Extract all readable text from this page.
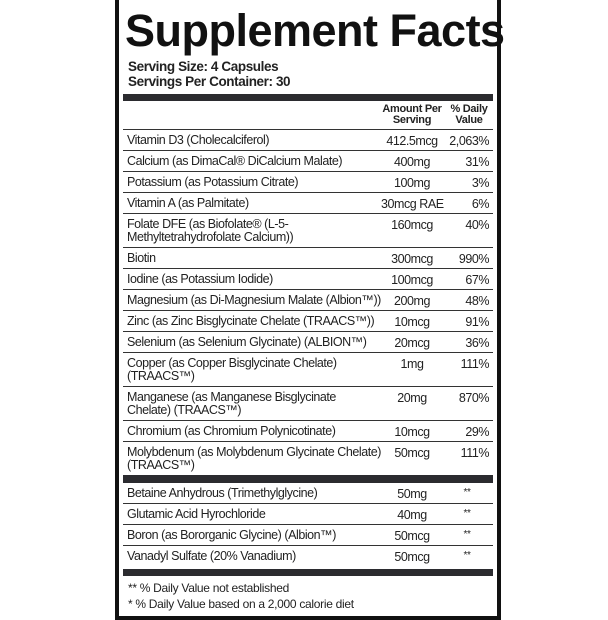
Supplement Facts
Serving Size: 4 Capsules
Servings Per Container: 30
Amount Per Serving
% Daily Value
Vitamin D3 (Cholecalciferol)	412.5mcg 2,063%
Calcium (as DimaCal® DiCalcium Malate)	400mg	31%
Potassium (as Potassium Citrate)	100mg	3%
Vitamin A (as Palmitate)	30mcg RAE	6%
Folate DFE (as Biofolate® (L-5-Methyltetrahydrofolate Calcium))
160mcg	40%
Biotin	300mcg	990%
Iodine (as Potassium Iodide)	100mcg	67%
Magnesium (as Di-Magnesium Malate (Albion™))	200mg	48%
Zinc (as Zinc Bisglycinate Chelate (TRAACS™))	10mcg	91%
Selenium (as Selenium Glycinate) (ALBION™)	20mcg	36%
Copper (as Copper Bisglycinate Chelate) (TRAACS™)
1mg	111%
Manganese (as Manganese Bisglycinate Chelate) (TRAACS™)
20mg	870%
Chromium (as Chromium Polynicotinate)	10mcg	29%
Molybdenum (as Molybdenum Glycinate Chelate) (TRAACS™)
50mcg	111%
Betaine Anhydrous (Trimethylglycine)	50mg	**
Glutamic Acid Hyrochloride	40mg	**
Boron (as Bororganic Glycine) (Albion™)	50mcg	**
Vanadyl Sulfate (20% Vanadium)	50mcg	**
** % Daily Value not established
* % Daily Value based on a 2,000 calorie diet
